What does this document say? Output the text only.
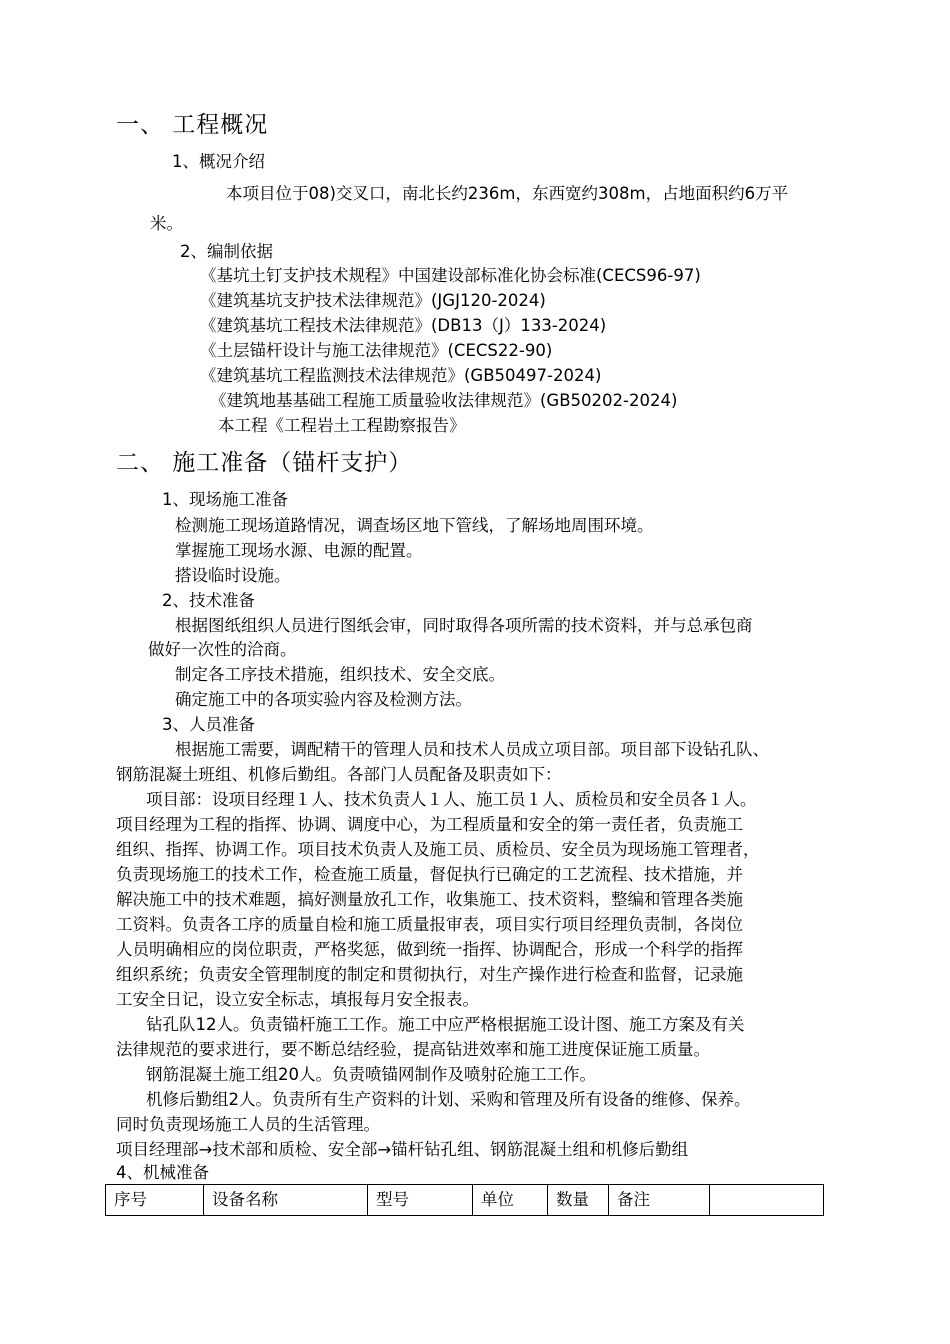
一、 工程概况
1、概况介绍
本项目位于08)交叉口，南北长约236m，东西宽约308m，占地面积约6万平
米。
2、编制依据
《基坑土钉支护技术规程》中国建设部标准化协会标准(CECS96-97)
《建筑基坑支护技术法律规范》(JGJ120-2024)
《建筑基坑工程技术法律规范》(DB13（J）133-2024)
《土层锚杆设计与施工法律规范》(CECS22-90)
《建筑基坑工程监测技术法律规范》(GB50497-2024)
《建筑地基基础工程施工质量验收法律规范》(GB50202-2024)
本工程《工程岩土工程勘察报告》
二、 施工准备（锚杆支护）
1、现场施工准备
检测施工现场道路情况，调查场区地下管线，了解场地周围环境。
掌握施工现场水源、电源的配置。
搭设临时设施。
2、技术准备
根据图纸组织人员进行图纸会审，同时取得各项所需的技术资料，并与总承包商
做好一次性的洽商。
制定各工序技术措施，组织技术、安全交底。
确定施工中的各项实验内容及检测方法。
3、人员准备
根据施工需要，调配精干的管理人员和技术人员成立项目部。项目部下设钻孔队、
钢筋混凝土班组、机修后勤组。各部门人员配备及职责如下：
项目部：设项目经理１人、技术负责人１人、施工员１人、质检员和安全员各１人。
项目经理为工程的指挥、协调、调度中心，为工程质量和安全的第一责任者，负责施工
组织、指挥、协调工作。项目技术负责人及施工员、质检员、安全员为现场施工管理者，
负责现场施工的技术工作，检查施工质量，督促执行已确定的工艺流程、技术措施，并
解决施工中的技术难题，搞好测量放孔工作，收集施工、技术资料，整编和管理各类施
工资料。负责各工序的质量自检和施工质量报审表，项目实行项目经理负责制，各岗位
人员明确相应的岗位职责，严格奖惩，做到统一指挥、协调配合，形成一个科学的指挥
组织系统；负责安全管理制度的制定和贯彻执行，对生产操作进行检查和监督，记录施
工安全日记，设立安全标志，填报每月安全报表。
钻孔队12人。负责锚杆施工工作。施工中应严格根据施工设计图、施工方案及有关
法律规范的要求进行，要不断总结经验，提高钻进效率和施工进度保证施工质量。
钢筋混凝土施工组20人。负责喷锚网制作及喷射砼施工工作。
机修后勤组2人。负责所有生产资料的计划、采购和管理及所有设备的维修、保养。
同时负责现场施工人员的生活管理。
项目经理部→技术部和质检、安全部→锚杆钻孔组、钢筋混凝土组和机修后勤组
4、机械准备
序号	设备名称	型号	单位	数量	备注
